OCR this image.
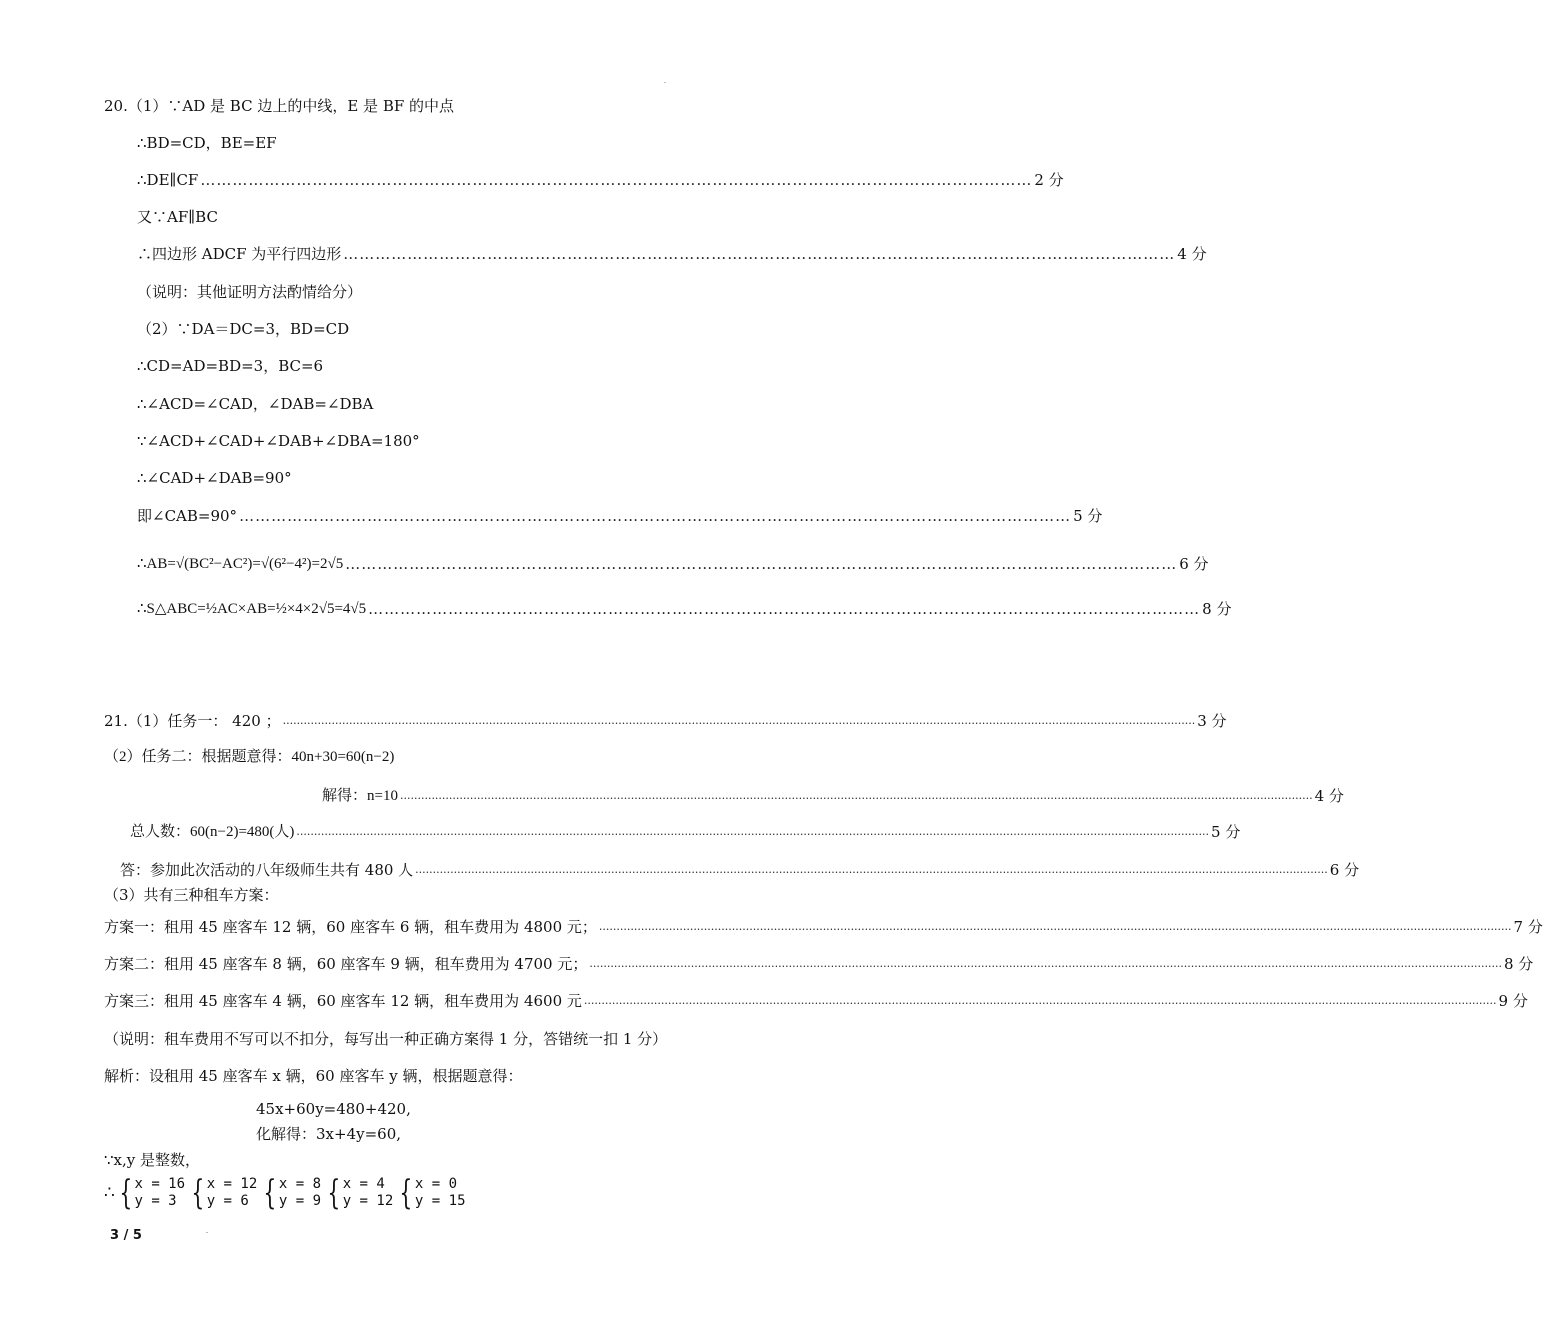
20.（1）∵AD 是 BC 边上的中线，E 是 BF 的中点
∴BD=CD，BE=EF
∴DE∥CF ………………………………………………………………………………………………………………………………………… 2 分
又∵AF∥BC
∴四边形 ADCF 为平行四边形 ………………………………………………………………………………………………………………………………………… 4 分
（说明：其他证明方法酌情给分）
（2）∵DA＝DC=3，BD=CD
∴CD=AD=BD=3，BC=6
∴∠ACD=∠CAD，∠DAB=∠DBA
∵∠ACD+∠CAD+∠DAB+∠DBA=180°
∴∠CAD+∠DAB=90°
即∠CAB=90° ………………………………………………………………………………………………………………………………………… 5 分
∴AB=√(BC²−AC²)=√(6²−4²)=2√5 ………………………………………………………………………………………………………………………………………… 6 分
∴S△ABC=½AC×AB=½×4×2√5=4√5 ………………………………………………………………………………………………………………………………………… 8 分
21.（1）任务一： 420 ； ..................................................................................................................................................................................................................................................................... 3 分
（2）任务二：根据题意得：40n+30=60(n−2)
解得：n=10 ..................................................................................................................................................................................................................................................................... 4 分
总人数：60(n−2)=480(人) ..................................................................................................................................................................................................................................................................... 5 分
答：参加此次活动的八年级师生共有 480 人 ..................................................................................................................................................................................................................................................................... 6 分
（3）共有三种租车方案：
方案一：租用 45 座客车 12 辆，60 座客车 6 辆，租车费用为 4800 元； ..................................................................................................................................................................................................................................................................... 7 分
方案二：租用 45 座客车 8 辆，60 座客车 9 辆，租车费用为 4700 元； ..................................................................................................................................................................................................................................................................... 8 分
方案三：租用 45 座客车 4 辆，60 座客车 12 辆，租车费用为 4600 元 ..................................................................................................................................................................................................................................................................... 9 分
（说明：租车费用不写可以不扣分，每写出一种正确方案得 1 分，答错统一扣 1 分）
解析：设租用 45 座客车 x 辆，60 座客车 y 辆，根据题意得：
45x+60y=480+420,
化解得：3x+4y=60,
∵x,y 是整数，
∴ { x = 16
y = 3 { x = 12
y = 6 { x = 8
y = 9 { x = 4
y = 12 { x = 0
y = 15
3 / 5
